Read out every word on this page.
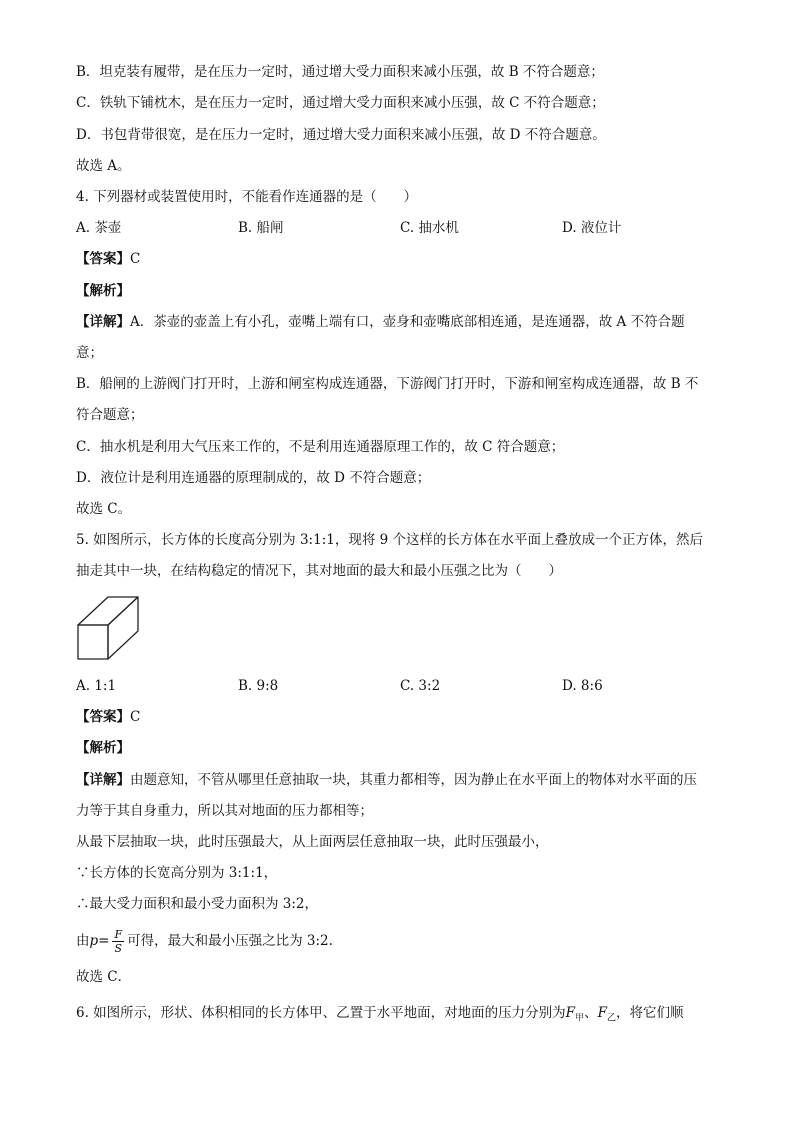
B．坦克装有履带，是在压力一定时，通过增大受力面积来减小压强，故 B 不符合题意；
C．铁轨下铺枕木，是在压力一定时，通过增大受力面积来减小压强，故 C 不符合题意；
D．书包背带很宽，是在压力一定时，通过增大受力面积来减小压强，故 D 不符合题意。
故选 A。
4. 下列器材或装置使用时，不能看作连通器的是（　　）
A. 茶壶	B. 船闸	C. 抽水机	D. 液位计
【答案】C
【解析】
【详解】A．茶壶的壶盖上有小孔，壶嘴上端有口，壶身和壶嘴底部相连通，是连通器，故 A 不符合题
意；
B．船闸的上游阀门打开时，上游和闸室构成连通器，下游阀门打开时，下游和闸室构成连通器，故 B 不
符合题意；
C．抽水机是利用大气压来工作的，不是利用连通器原理工作的，故 C 符合题意；
D．液位计是利用连通器的原理制成的，故 D 不符合题意；
故选 C。
5. 如图所示，长方体的长度高分别为 3:1:1，现将 9 个这样的长方体在水平面上叠放成一个正方体，然后
抽走其中一块，在结构稳定的情况下，其对地面的最大和最小压强之比为（　　）
A. 1:1	B. 9:8	C. 3:2	D. 8:6
【答案】C
【解析】
【详解】由题意知，不管从哪里任意抽取一块，其重力都相等，因为静止在水平面上的物体对水平面的压
力等于其自身重力，所以其对地面的压力都相等；
从最下层抽取一块，此时压强最大，从上面两层任意抽取一块，此时压强最小，
∵长方体的长宽高分别为 3:1:1，
∴最大受力面积和最小受力面积为 3:2，
由$p= \frac{F}{S}$ 可得，最大和最小压强之比为 3:2.
故选 C．
6. 如图所示，形状、体积相同的长方体甲、乙置于水平地面，对地面的压力分别为$F_甲$、$F_乙$，将它们顺
